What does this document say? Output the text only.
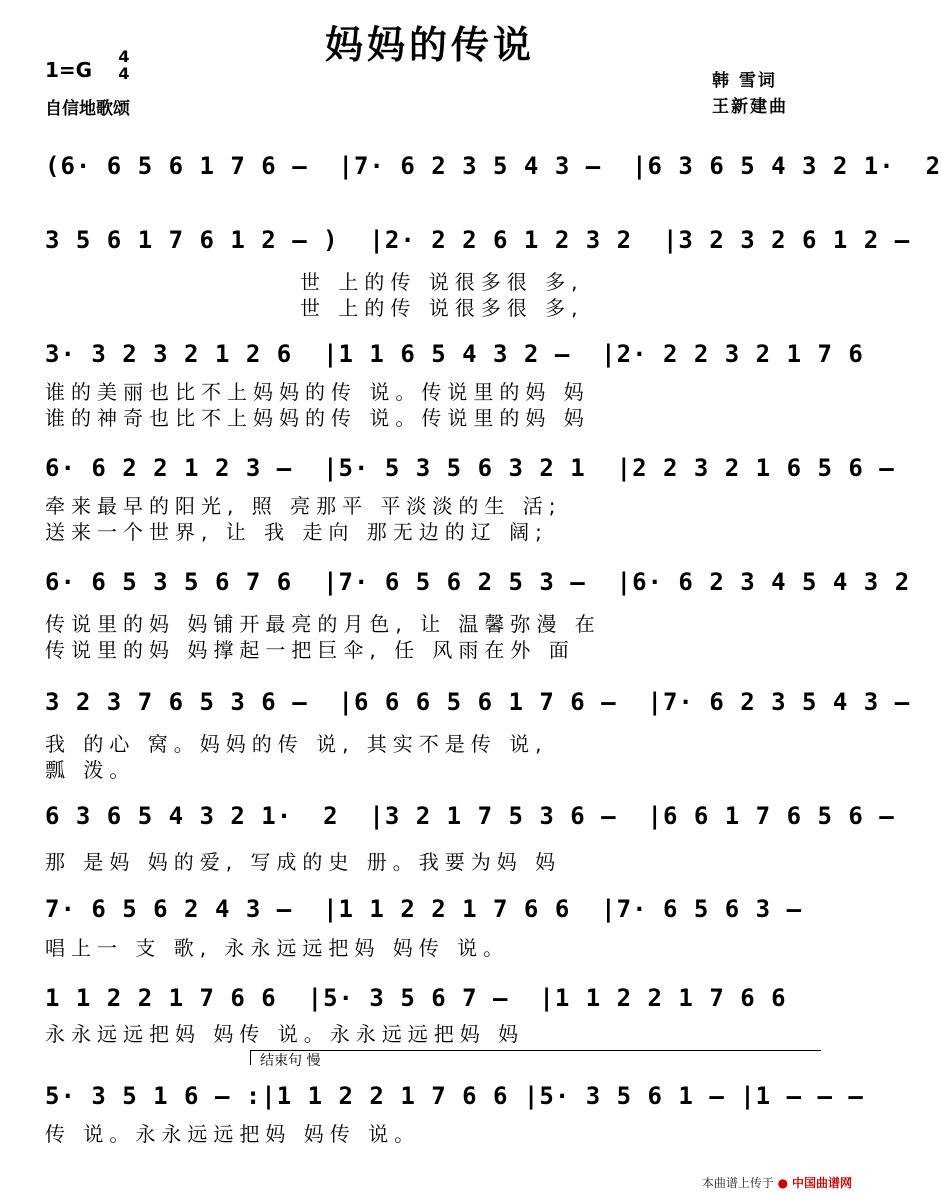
妈妈的传说
1=G
4
4
自信地歌颂
韩 雪词
王新建曲
(6· 6 5 6 1 7 6 –  |7· 6 2 3 5 4 3 –  |6 3 6 5 4 3 2 1·  2
3 5 6 1 7 6 1 2 – )  |2· 2 2 6 1 2 3 2  |3 2 3 2 6 1 2 –
世 上的传 说很多很 多,
世 上的传 说很多很 多,
3· 3 2 3 2 1 2 6  |1 1 6 5 4 3 2 –  |2· 2 2 3 2 1 7 6
谁的美丽也比不上妈妈的传 说。传说里的妈 妈
谁的神奇也比不上妈妈的传 说。传说里的妈 妈
6· 6 2 2 1 2 3 –  |5· 5 3 5 6 3 2 1  |2 2 3 2 1 6 5 6 –
牵来最早的阳光, 照 亮那平 平淡淡的生 活;
送来一个世界, 让 我 走向 那无边的辽 阔;
6· 6 5 3 5 6 7 6  |7· 6 5 6 2 5 3 –  |6· 6 2 3 4 5 4 3 2
传说里的妈 妈铺开最亮的月色, 让 温馨弥漫 在
传说里的妈 妈撑起一把巨伞, 任 风雨在外 面
3 2 3 7 6 5 3 6 –  |6 6 6 5 6 1 7 6 –  |7· 6 2 3 5 4 3 –
我 的心 窝。妈妈的传 说, 其实不是传 说,
瓢 泼。
6 3 6 5 4 3 2 1·  2  |3 2 1 7 5 3 6 –  |6 6 1 7 6 5 6 –
那 是妈 妈的爱, 写成的史 册。我要为妈 妈
7· 6 5 6 2 4 3 –  |1 1 2 2 1 7 6 6  |7· 6 5 6 3 –
唱上一 支 歌, 永永远远把妈 妈传 说。
1 1 2 2 1 7 6 6  |5· 3 5 6 7 –  |1 1 2 2 1 7 6 6
永永远远把妈 妈传 说。永永远远把妈 妈
结束句 慢
5· 3 5 1 6 – :|1 1 2 2 1 7 6 6 |5· 3 5 6 1 – |1 – – –
传 说。永永远远把妈 妈传 说。
本曲谱上传于 ● 中国曲谱网
